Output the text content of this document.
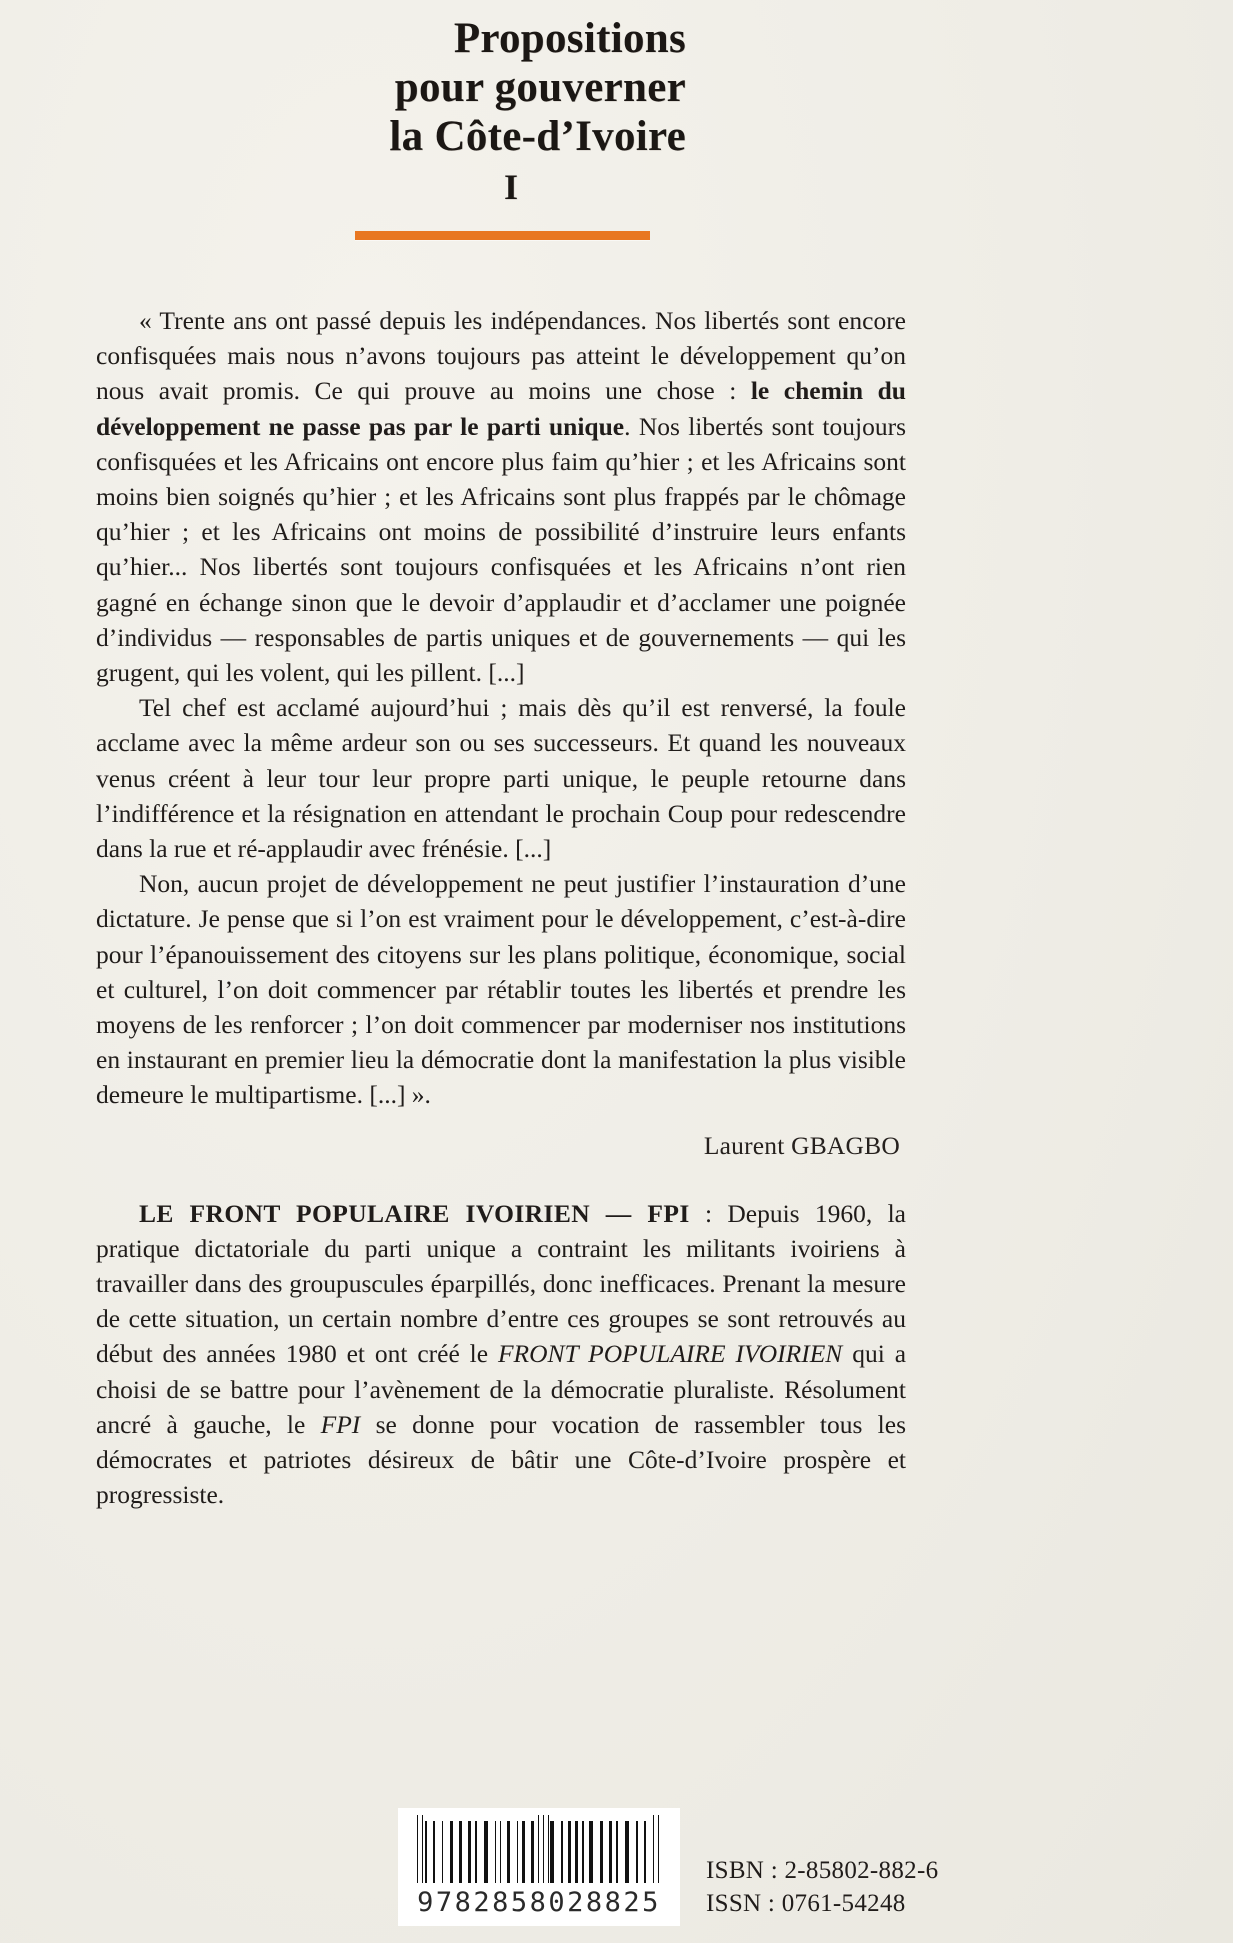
Propositions
pour gouverner
la Côte-d’Ivoire
I

« Trente ans ont passé depuis les indépendances. Nos libertés sont encore confisquées mais nous n’avons toujours pas atteint le développement qu’on nous avait promis. Ce qui prouve au moins une chose : le chemin du développement ne passe pas par le parti unique. Nos libertés sont toujours confisquées et les Africains ont encore plus faim qu’hier ; et les Africains sont moins bien soignés qu’hier ; et les Africains sont plus frappés par le chômage qu’hier ; et les Africains ont moins de possibilité d’instruire leurs enfants qu’hier... Nos libertés sont toujours confisquées et les Africains n’ont rien gagné en échange sinon que le devoir d’applaudir et d’acclamer une poignée d’individus — responsables de partis uniques et de gouvernements — qui les grugent, qui les volent, qui les pillent. [...]

Tel chef est acclamé aujourd’hui ; mais dès qu’il est renversé, la foule acclame avec la même ardeur son ou ses successeurs. Et quand les nouveaux venus créent à leur tour leur propre parti unique, le peuple retourne dans l’indifférence et la résignation en attendant le prochain Coup pour redescendre dans la rue et ré-applaudir avec frénésie. [...]

Non, aucun projet de développement ne peut justifier l’instauration d’une dictature. Je pense que si l’on est vraiment pour le développement, c’est-à-dire pour l’épanouissement des citoyens sur les plans politique, économique, social et culturel, l’on doit commencer par rétablir toutes les libertés et prendre les moyens de les renforcer ; l’on doit commencer par moderniser nos institutions en instaurant en premier lieu la démocratie dont la manifestation la plus visible demeure le multipartisme. [...] ».

Laurent GBAGBO

LE FRONT POPULAIRE IVOIRIEN — FPI : Depuis 1960, la pratique dictatoriale du parti unique a contraint les militants ivoiriens à travailler dans des groupuscules éparpillés, donc inefficaces. Prenant la mesure de cette situation, un certain nombre d’entre ces groupes se sont retrouvés au début des années 1980 et ont créé le FRONT POPULAIRE IVOIRIEN qui a choisi de se battre pour l’avènement de la démocratie pluraliste. Résolument ancré à gauche, le FPI se donne pour vocation de rassembler tous les démocrates et patriotes désireux de bâtir une Côte-d’Ivoire prospère et progressiste.

9782858028825
ISBN : 2-85802-882-6
ISSN : 0761-54248
